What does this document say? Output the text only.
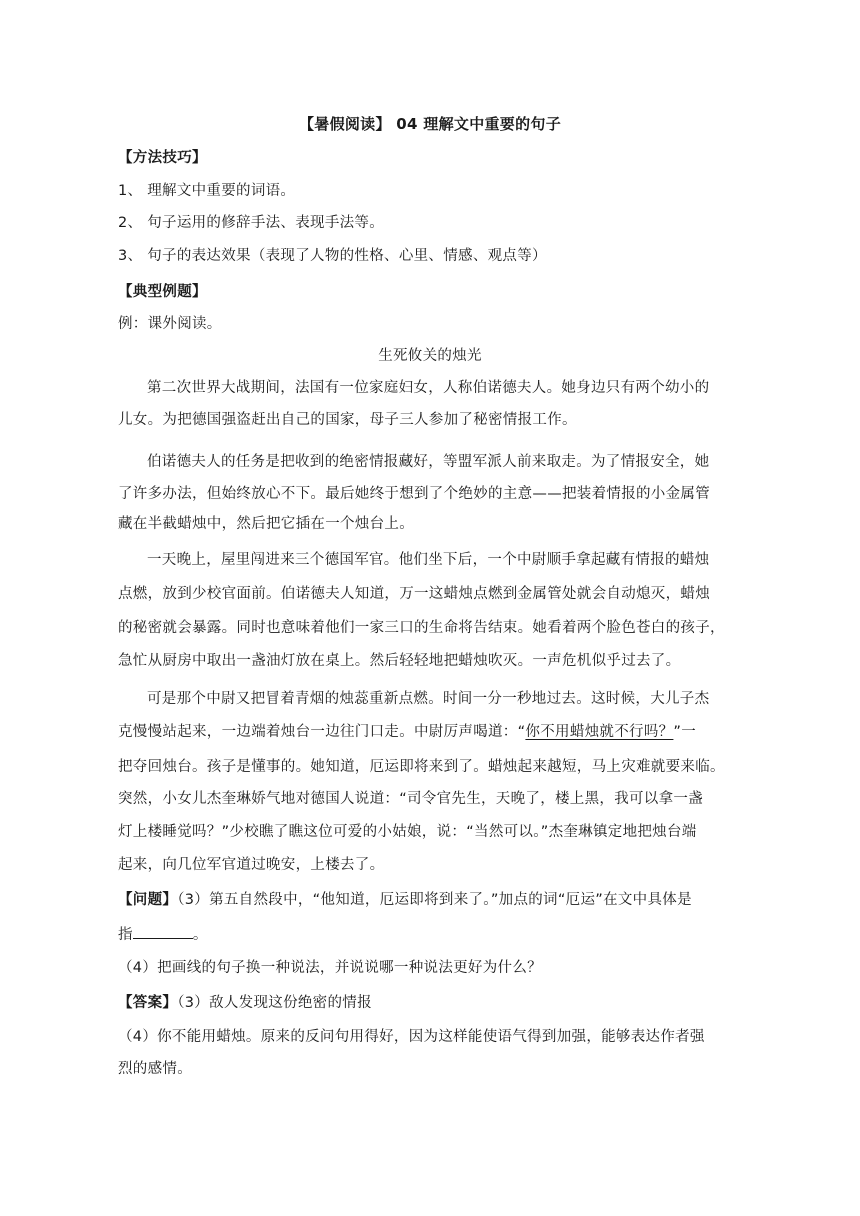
【暑假阅读】 04 理解文中重要的句子
【方法技巧】
1、 理解文中重要的词语。
2、 句子运用的修辞手法、表现手法等。
3、 句子的表达效果（表现了人物的性格、心里、情感、观点等）
【典型例题】
例：课外阅读。
生死攸关的烛光
第二次世界大战期间，法国有一位家庭妇女，人称伯诺德夫人。她身边只有两个幼小的
儿女。为把德国强盗赶出自己的国家，母子三人参加了秘密情报工作。
伯诺德夫人的任务是把收到的绝密情报藏好，等盟军派人前来取走。为了情报安全，她
了许多办法，但始终放心不下。最后她终于想到了个绝妙的主意——把装着情报的小金属管
藏在半截蜡烛中，然后把它插在一个烛台上。
一天晚上，屋里闯进来三个德国军官。他们坐下后，一个中尉顺手拿起藏有情报的蜡烛
点燃，放到少校官面前。伯诺德夫人知道，万一这蜡烛点燃到金属管处就会自动熄灭，蜡烛
的秘密就会暴露。同时也意味着他们一家三口的生命将告结束。她看着两个脸色苍白的孩子，
急忙从厨房中取出一盏油灯放在桌上。然后轻轻地把蜡烛吹灭。一声危机似乎过去了。
可是那个中尉又把冒着青烟的烛蕊重新点燃。时间一分一秒地过去。这时候，大儿子杰
克慢慢站起来，一边端着烛台一边往门口走。中尉厉声喝道：“你不用蜡烛就不行吗？”一
把夺回烛台。孩子是懂事的。她知道，厄运即将来到了。蜡烛起来越短，马上灾难就要来临。
突然，小女儿杰奎琳娇气地对德国人说道：“司令官先生，天晚了，楼上黑，我可以拿一盏
灯上楼睡觉吗？”少校瞧了瞧这位可爱的小姑娘，说：“当然可以。”杰奎琳镇定地把烛台端
起来，向几位军官道过晚安，上楼去了。
【问题】（3）第五自然段中，“他知道，厄运即将到来了。”加点的词“厄运”在文中具体是
指	。
（4）把画线的句子换一种说法，并说说哪一种说法更好为什么？
【答案】（3）敌人发现这份绝密的情报
（4）你不能用蜡烛。原来的反问句用得好，因为这样能使语气得到加强，能够表达作者强
烈的感情。
